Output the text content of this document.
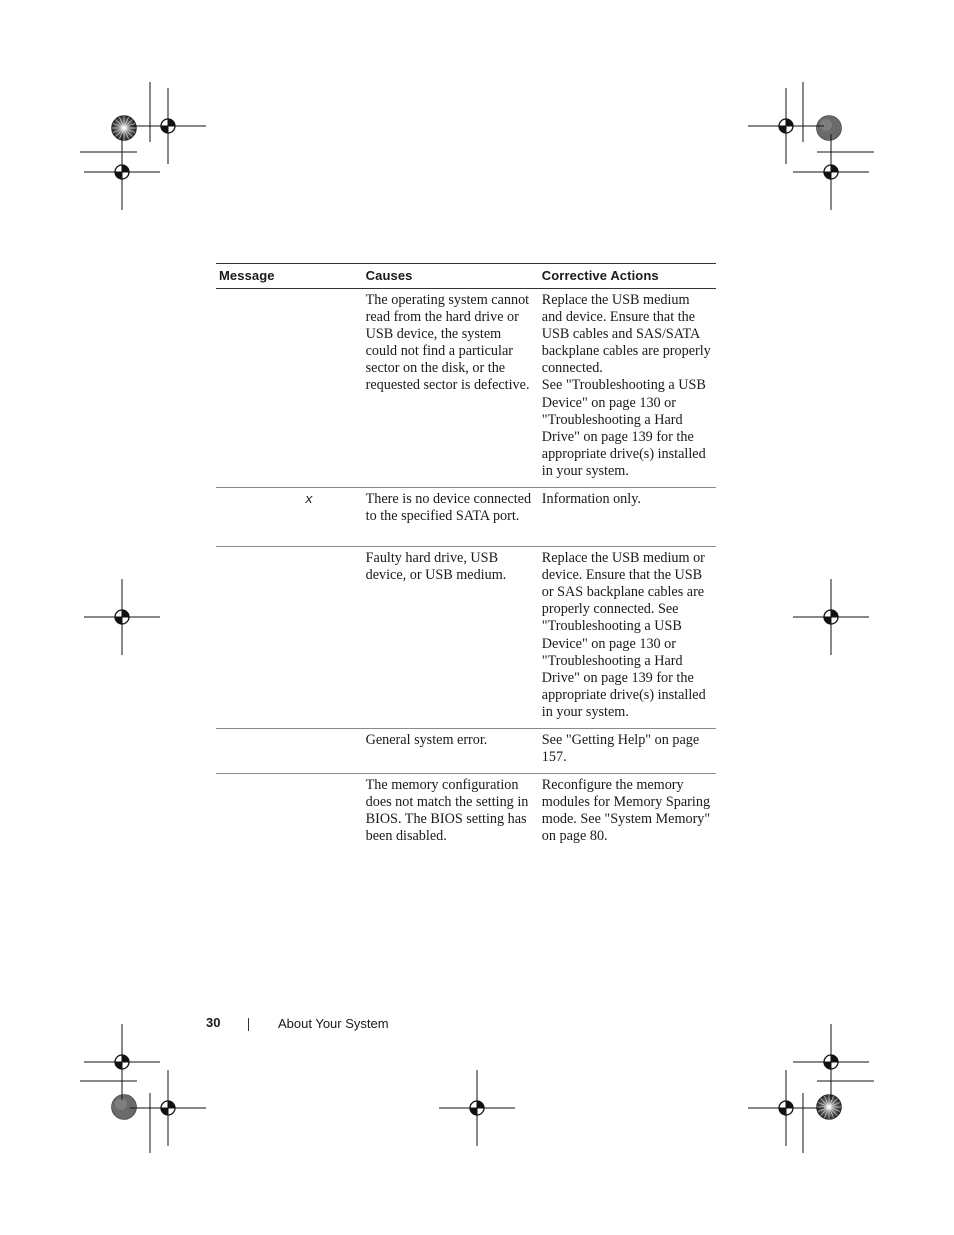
Message	Causes	Corrective Actions
	The operating system cannot read from the hard drive or USB device, the system could not find a particular sector on the disk, or the requested sector is defective.	Replace the USB medium and device. Ensure that the USB cables and SAS/SATA backplane cables are properly connected.
See "Troubleshooting a USB Device" on page 130 or "Troubleshooting a Hard Drive" on page 139 for the appropriate drive(s) installed in your system.

x	There is no device connected to the specified SATA port.	Information only.
	Faulty hard drive, USB device, or USB medium.	Replace the USB medium or device. Ensure that the USB or SAS backplane cables are properly connected. See "Troubleshooting a USB Device" on page 130 or "Troubleshooting a Hard Drive" on page 139 for the appropriate drive(s) installed in your system.
	General system error.	See "Getting Help" on page 157.
	The memory configuration does not match the setting in BIOS. The BIOS setting has been disabled.	Reconfigure the memory modules for Memory Sparing mode. See "System Memory" on page 80.
30	About Your System
